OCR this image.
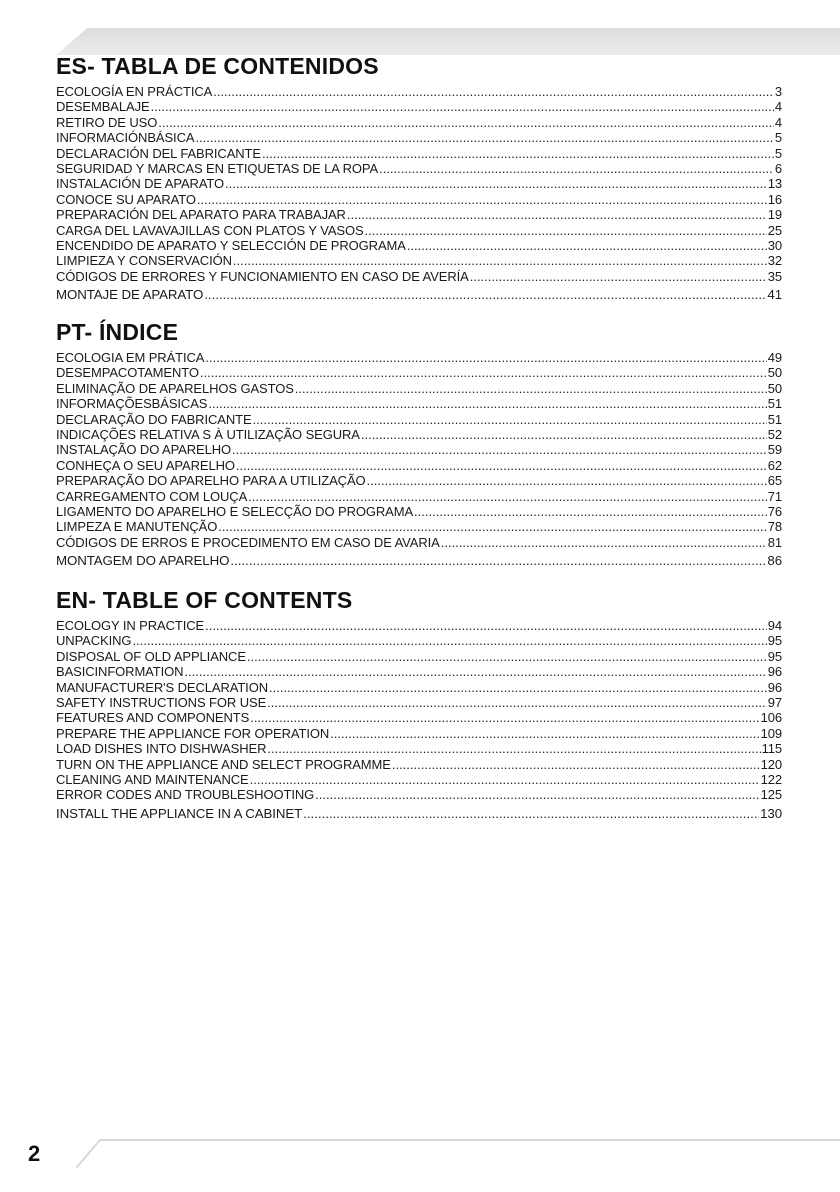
ES- TABLA DE CONTENIDOS
ECOLOGÍA EN PRÁCTICA .....	3
DESEMBALAJE .....	4
RETIRO DE USO .....	4
INFORMACIÓNBÁSICA .....	5
DECLARACIÓN DEL FABRICANTE .....	5
SEGURIDAD Y MARCAS EN ETIQUETAS DE LA ROPA .....	6
INSTALACIÓN DE APARATO .....	13
CONOCE SU APARATO .....	16
PREPARACIÓN DEL APARATO PARA TRABAJAR .....	19
CARGA DEL LAVAVAJILLAS CON PLATOS Y VASOS .....	25
ENCENDIDO DE APARATO Y SELECCIÓN DE PROGRAMA .....	30
LIMPIEZA Y CONSERVACIÓN .....	32
CÓDIGOS DE ERRORES Y FUNCIONAMIENTO EN CASO DE AVERÍA .....	35
MONTAJE DE APARATO .....	41
PT- ÍNDICE
ECOLOGIA EM PRÁTICA .....	49
DESEMPACOTAMENTO .....	50
ELIMINAÇÃO DE APARELHOS GASTOS .....	50
INFORMAÇÕESBÁSICAS .....	51
DECLARAÇÃO DO FABRICANTE .....	51
INDICAÇÕES RELATIVA S À UTILIZAÇÃO SEGURA .....	52
INSTALAÇÃO DO APARELHO .....	59
CONHEÇA O SEU APARELHO .....	62
PREPARAÇÃO DO APARELHO PARA A UTILIZAÇÃO .....	65
CARREGAMENTO COM LOUÇA .....	71
LIGAMENTO DO APARELHO E SELECÇÃO DO PROGRAMA .....	76
LIMPEZA E MANUTENÇÃO .....	78
CÓDIGOS DE ERROS E PROCEDIMENTO EM CASO DE AVARIA .....	81
MONTAGEM DO APARELHO .....	86
EN- TABLE OF CONTENTS
ECOLOGY IN PRACTICE .....	94
UNPACKING .....	95
DISPOSAL OF OLD APPLIANCE .....	95
BASICINFORMATION .....	96
MANUFACTURER'S DECLARATION .....	96
SAFETY INSTRUCTIONS FOR USE .....	97
FEATURES AND COMPONENTS .....	106
PREPARE THE APPLIANCE FOR OPERATION .....	109
LOAD DISHES INTO DISHWASHER .....	115
TURN ON THE APPLIANCE AND SELECT PROGRAMME .....	120
CLEANING AND MAINTENANCE .....	122
ERROR CODES AND TROUBLESHOOTING .....	125
INSTALL THE APPLIANCE IN A CABINET .....	130
2
